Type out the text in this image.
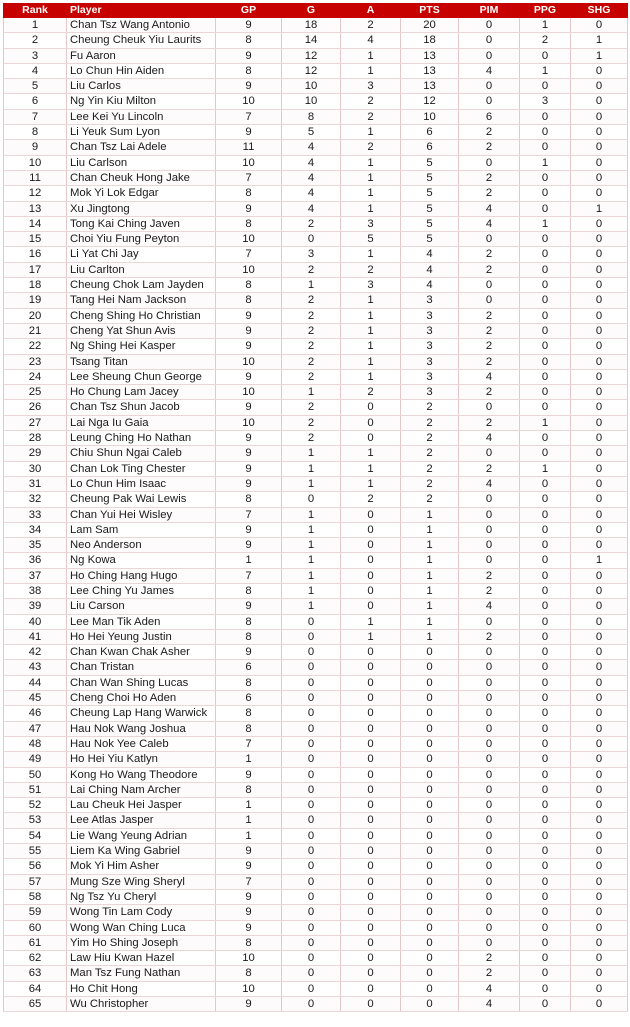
Rank	Player	GP	G	A	PTS	PIM	PPG	SHG
1	Chan Tsz Wang Antonio	9	18	2	20	0	1	0
2	Cheung Cheuk Yiu Laurits	8	14	4	18	0	2	1
3	Fu Aaron	9	12	1	13	0	0	1
4	Lo Chun Hin Aiden	8	12	1	13	4	1	0
5	Liu Carlos	9	10	3	13	0	0	0
6	Ng Yin Kiu Milton	10	10	2	12	0	3	0
7	Lee Kei Yu Lincoln	7	8	2	10	6	0	0
8	Li Yeuk Sum Lyon	9	5	1	6	2	0	0
9	Chan Tsz Lai Adele	11	4	2	6	2	0	0
10	Liu Carlson	10	4	1	5	0	1	0
11	Chan Cheuk Hong Jake	7	4	1	5	2	0	0
12	Mok Yi Lok Edgar	8	4	1	5	2	0	0
13	Xu Jingtong	9	4	1	5	4	0	1
14	Tong Kai Ching Javen	8	2	3	5	4	1	0
15	Choi Yiu Fung Peyton	10	0	5	5	0	0	0
16	Li Yat Chi Jay	7	3	1	4	2	0	0
17	Liu Carlton	10	2	2	4	2	0	0
18	Cheung Chok Lam Jayden	8	1	3	4	0	0	0
19	Tang Hei Nam Jackson	8	2	1	3	0	0	0
20	Cheng Shing Ho Christian	9	2	1	3	2	0	0
21	Cheng Yat Shun Avis	9	2	1	3	2	0	0
22	Ng Shing Hei Kasper	9	2	1	3	2	0	0
23	Tsang Titan	10	2	1	3	2	0	0
24	Lee Sheung Chun George	9	2	1	3	4	0	0
25	Ho Chung Lam Jacey	10	1	2	3	2	0	0
26	Chan Tsz Shun Jacob	9	2	0	2	0	0	0
27	Lai Nga Iu Gaia	10	2	0	2	2	1	0
28	Leung Ching Ho Nathan	9	2	0	2	4	0	0
29	Chiu Shun Ngai Caleb	9	1	1	2	0	0	0
30	Chan Lok Ting Chester	9	1	1	2	2	1	0
31	Lo Chun Him Isaac	9	1	1	2	4	0	0
32	Cheung Pak Wai Lewis	8	0	2	2	0	0	0
33	Chan Yui Hei Wisley	7	1	0	1	0	0	0
34	Lam Sam	9	1	0	1	0	0	0
35	Neo Anderson	9	1	0	1	0	0	0
36	Ng Kowa	1	1	0	1	0	0	1
37	Ho Ching Hang Hugo	7	1	0	1	2	0	0
38	Lee Ching Yu James	8	1	0	1	2	0	0
39	Liu Carson	9	1	0	1	4	0	0
40	Lee Man Tik Aden	8	0	1	1	0	0	0
41	Ho Hei Yeung Justin	8	0	1	1	2	0	0
42	Chan Kwan Chak Asher	9	0	0	0	0	0	0
43	Chan Tristan	6	0	0	0	0	0	0
44	Chan Wan Shing Lucas	8	0	0	0	0	0	0
45	Cheng Choi Ho Aden	6	0	0	0	0	0	0
46	Cheung Lap Hang Warwick	8	0	0	0	0	0	0
47	Hau Nok Wang Joshua	8	0	0	0	0	0	0
48	Hau Nok Yee Caleb	7	0	0	0	0	0	0
49	Ho Hei Yiu Katlyn	1	0	0	0	0	0	0
50	Kong Ho Wang Theodore	9	0	0	0	0	0	0
51	Lai Ching Nam Archer	8	0	0	0	0	0	0
52	Lau Cheuk Hei Jasper	1	0	0	0	0	0	0
53	Lee Atlas Jasper	1	0	0	0	0	0	0
54	Lie Wang Yeung Adrian	1	0	0	0	0	0	0
55	Liem Ka Wing Gabriel	9	0	0	0	0	0	0
56	Mok Yi Him Asher	9	0	0	0	0	0	0
57	Mung Sze Wing Sheryl	7	0	0	0	0	0	0
58	Ng Tsz Yu Cheryl	9	0	0	0	0	0	0
59	Wong Tin Lam Cody	9	0	0	0	0	0	0
60	Wong Wan Ching Luca	9	0	0	0	0	0	0
61	Yim Ho Shing Joseph	8	0	0	0	0	0	0
62	Law Hiu Kwan Hazel	10	0	0	0	2	0	0
63	Man Tsz Fung Nathan	8	0	0	0	2	0	0
64	Ho Chit Hong	10	0	0	0	4	0	0
65	Wu Christopher	9	0	0	0	4	0	0
